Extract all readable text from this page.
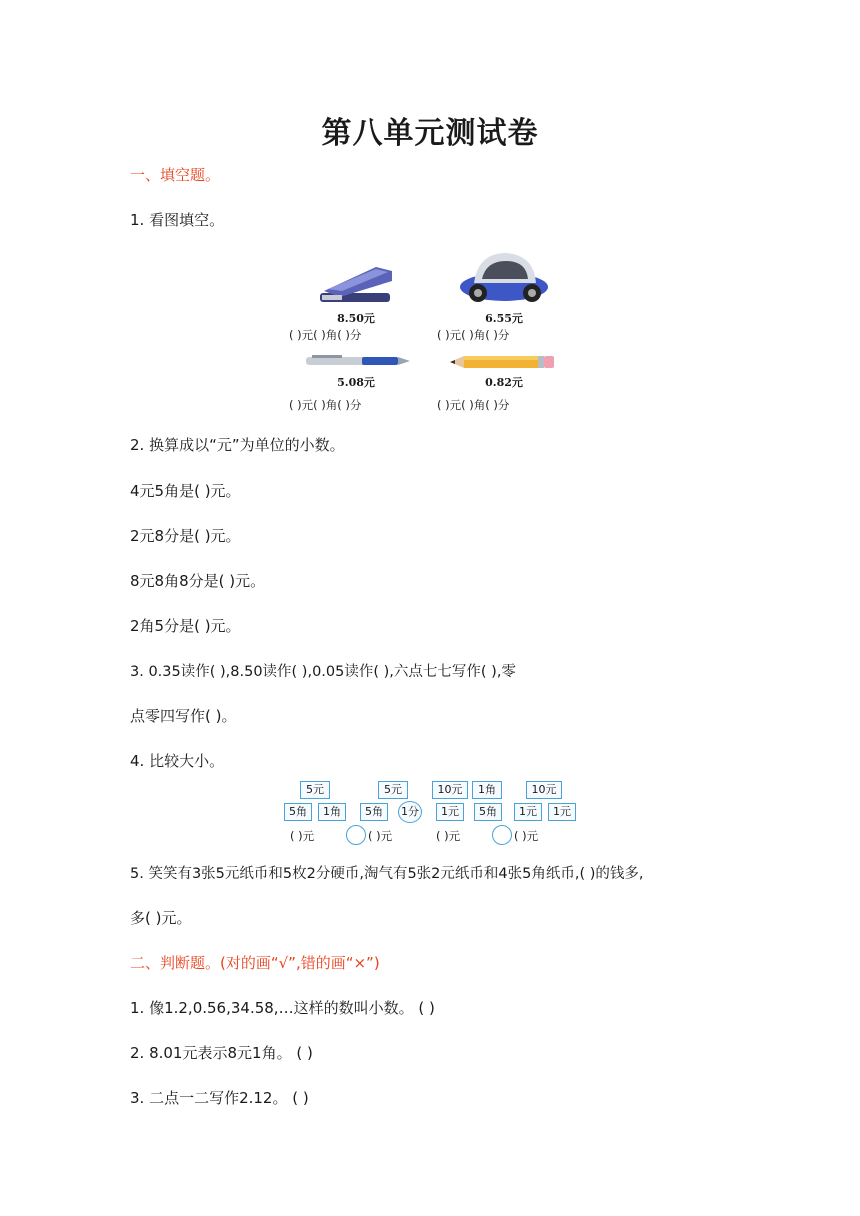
第八单元测试卷
一、填空题。
1. 看图填空。
8.50元	6.55元
5.08元	0.82元
( )元( )角( )分	( )元( )角( )分
( )元( )角( )分	( )元( )角( )分
2. 换算成以“元”为单位的小数。
4元5角是( )元。
2元8分是( )元。
8元8角8分是( )元。
2角5分是( )元。
3. 0.35读作( ),8.50读作( ),0.05读作( ),六点七七写作( ),零
点零四写作( )。
4. 比较大小。
5元	5元	10元	1角	10元
5角	1角	5角	1分	1元	5角	1元	1元
( )元	( )元	( )元	( )元
5. 笑笑有3张5元纸币和5枚2分硬币,淘气有5张2元纸币和4张5角纸币,( )的钱多,
多( )元。
二、判断题。(对的画“√”,错的画“×”)
1. 像1.2,0.56,34.58,…这样的数叫小数。 ( )
2. 8.01元表示8元1角。 ( )
3. 二点一二写作2.12。 ( )
